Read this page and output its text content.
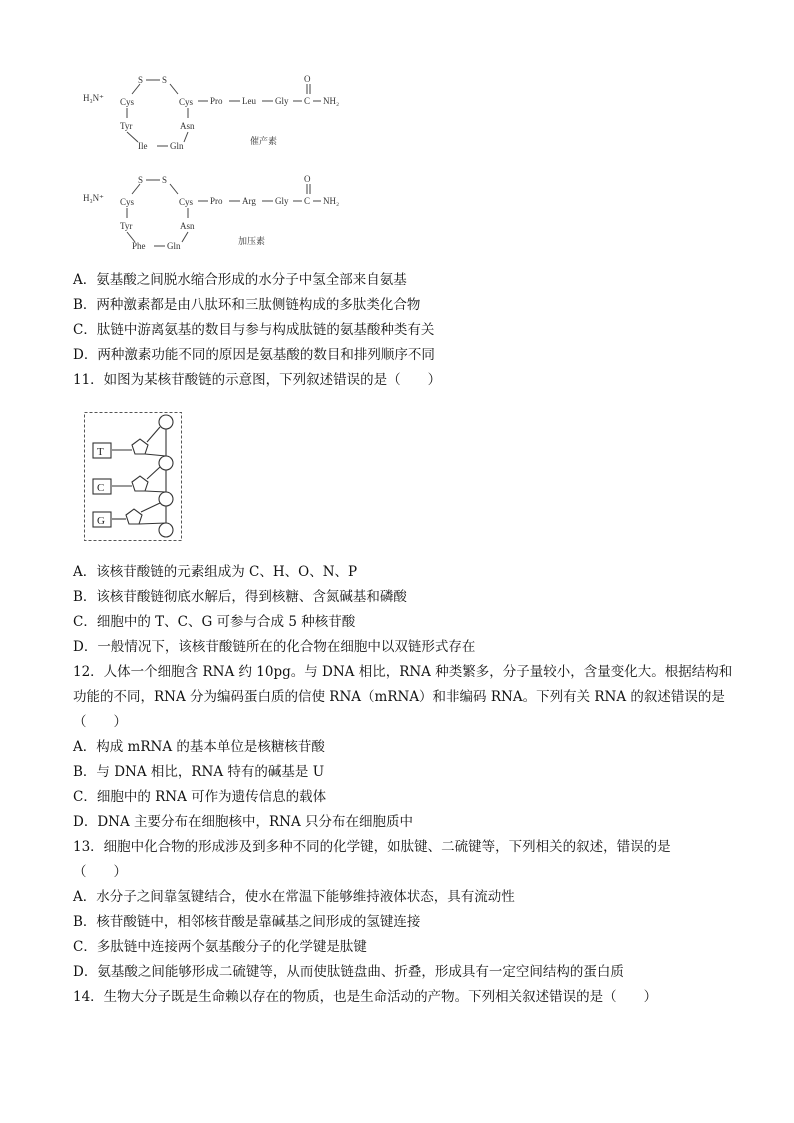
H₃N⁺ Cys
S S
Cys Pro Leu Gly C
O
NH₂
Tyr
Ile	Gln
Asn
催产素
H₃N⁺ Cys
S S
Cys Pro Arg Gly C
O
NH₂
Tyr
Phe Gln
Asn
加压素
A．氨基酸之间脱水缩合形成的水分子中氢全部来自氨基
B．两种激素都是由八肽环和三肽侧链构成的多肽类化合物
C．肽链中游离氨基的数目与参与构成肽链的氨基酸种类有关
D．两种激素功能不同的原因是氨基酸的数目和排列顺序不同
11．如图为某核苷酸链的示意图，下列叙述错误的是（　　）
T
C
G
A．该核苷酸链的元素组成为 C、H、O、N、P
B．该核苷酸链彻底水解后，得到核糖、含氮碱基和磷酸
C．细胞中的 T、C、G 可参与合成 5 种核苷酸
D．一般情况下，该核苷酸链所在的化合物在细胞中以双链形式存在
12．人体一个细胞含 RNA 约 10pg。与 DNA 相比，RNA 种类繁多，分子量较小，含量变化大。根据结构和
功能的不同，RNA 分为编码蛋白质的信使 RNA（mRNA）和非编码 RNA。下列有关 RNA 的叙述错误的是
（　　）
A．构成 mRNA 的基本单位是核糖核苷酸
B．与 DNA 相比，RNA 特有的碱基是 U
C．细胞中的 RNA 可作为遗传信息的载体
D．DNA 主要分布在细胞核中，RNA 只分布在细胞质中
13．细胞中化合物的形成涉及到多种不同的化学键，如肽键、二硫键等，下列相关的叙述，错误的是
（　　）
A．水分子之间靠氢键结合，使水在常温下能够维持液体状态，具有流动性
B．核苷酸链中，相邻核苷酸是靠碱基之间形成的氢键连接
C．多肽链中连接两个氨基酸分子的化学键是肽键
D．氨基酸之间能够形成二硫键等，从而使肽链盘曲、折叠，形成具有一定空间结构的蛋白质
14．生物大分子既是生命赖以存在的物质，也是生命活动的产物。下列相关叙述错误的是（　　）
